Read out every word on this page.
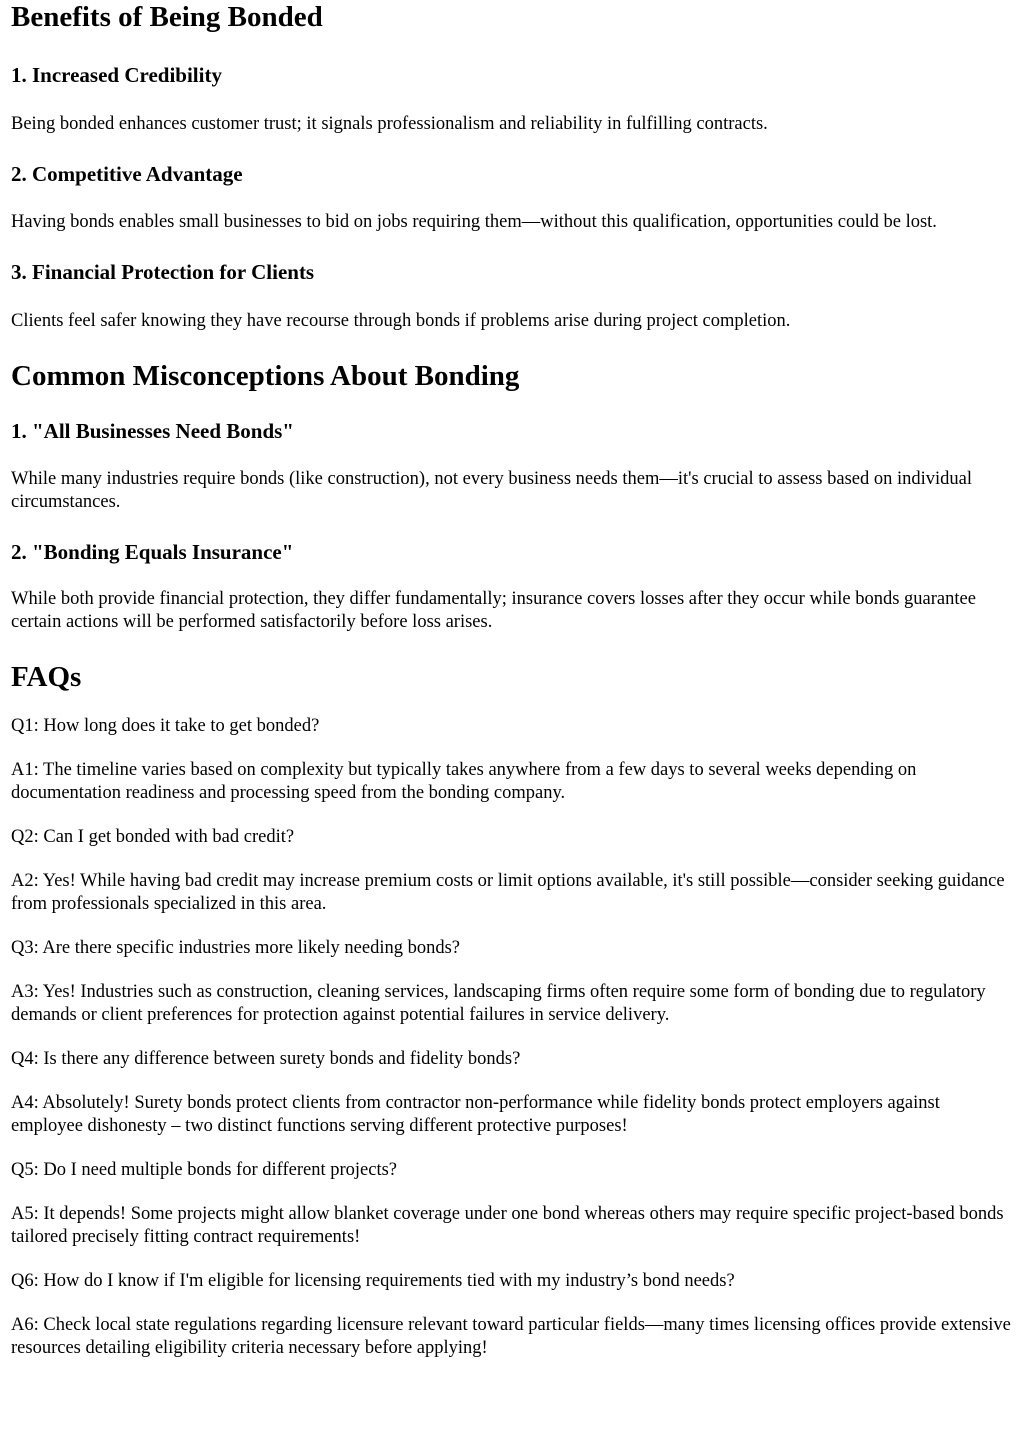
Benefits of Being Bonded
1. Increased Credibility

Being bonded enhances customer trust; it signals professionalism and reliability in fulfilling contracts.

2. Competitive Advantage

Having bonds enables small businesses to bid on jobs requiring them—without this qualification, opportunities could be lost.

3. Financial Protection for Clients

Clients feel safer knowing they have recourse through bonds if problems arise during project completion.

Common Misconceptions About Bonding
1. "All Businesses Need Bonds"

While many industries require bonds (like construction), not every business needs them—it's crucial to assess based on individual circumstances.

2. "Bonding Equals Insurance"

While both provide financial protection, they differ fundamentally; insurance covers losses after they occur while bonds guarantee certain actions will be performed satisfactorily before loss arises.

FAQs

Q1: How long does it take to get bonded?

A1: The timeline varies based on complexity but typically takes anywhere from a few days to several weeks depending on documentation readiness and processing speed from the bonding company.

Q2: Can I get bonded with bad credit?

A2: Yes! While having bad credit may increase premium costs or limit options available, it's still possible—consider seeking guidance from professionals specialized in this area.

Q3: Are there specific industries more likely needing bonds?

A3: Yes! Industries such as construction, cleaning services, landscaping firms often require some form of bonding due to regulatory demands or client preferences for protection against potential failures in service delivery.

Q4: Is there any difference between surety bonds and fidelity bonds?

A4: Absolutely! Surety bonds protect clients from contractor non-performance while fidelity bonds protect employers against employee dishonesty – two distinct functions serving different protective purposes!

Q5: Do I need multiple bonds for different projects?

A5: It depends! Some projects might allow blanket coverage under one bond whereas others may require specific project-based bonds tailored precisely fitting contract requirements!

Q6: How do I know if I'm eligible for licensing requirements tied with my industry’s bond needs?

A6: Check local state regulations regarding licensure relevant toward particular fields—many times licensing offices provide extensive resources detailing eligibility criteria necessary before applying!
